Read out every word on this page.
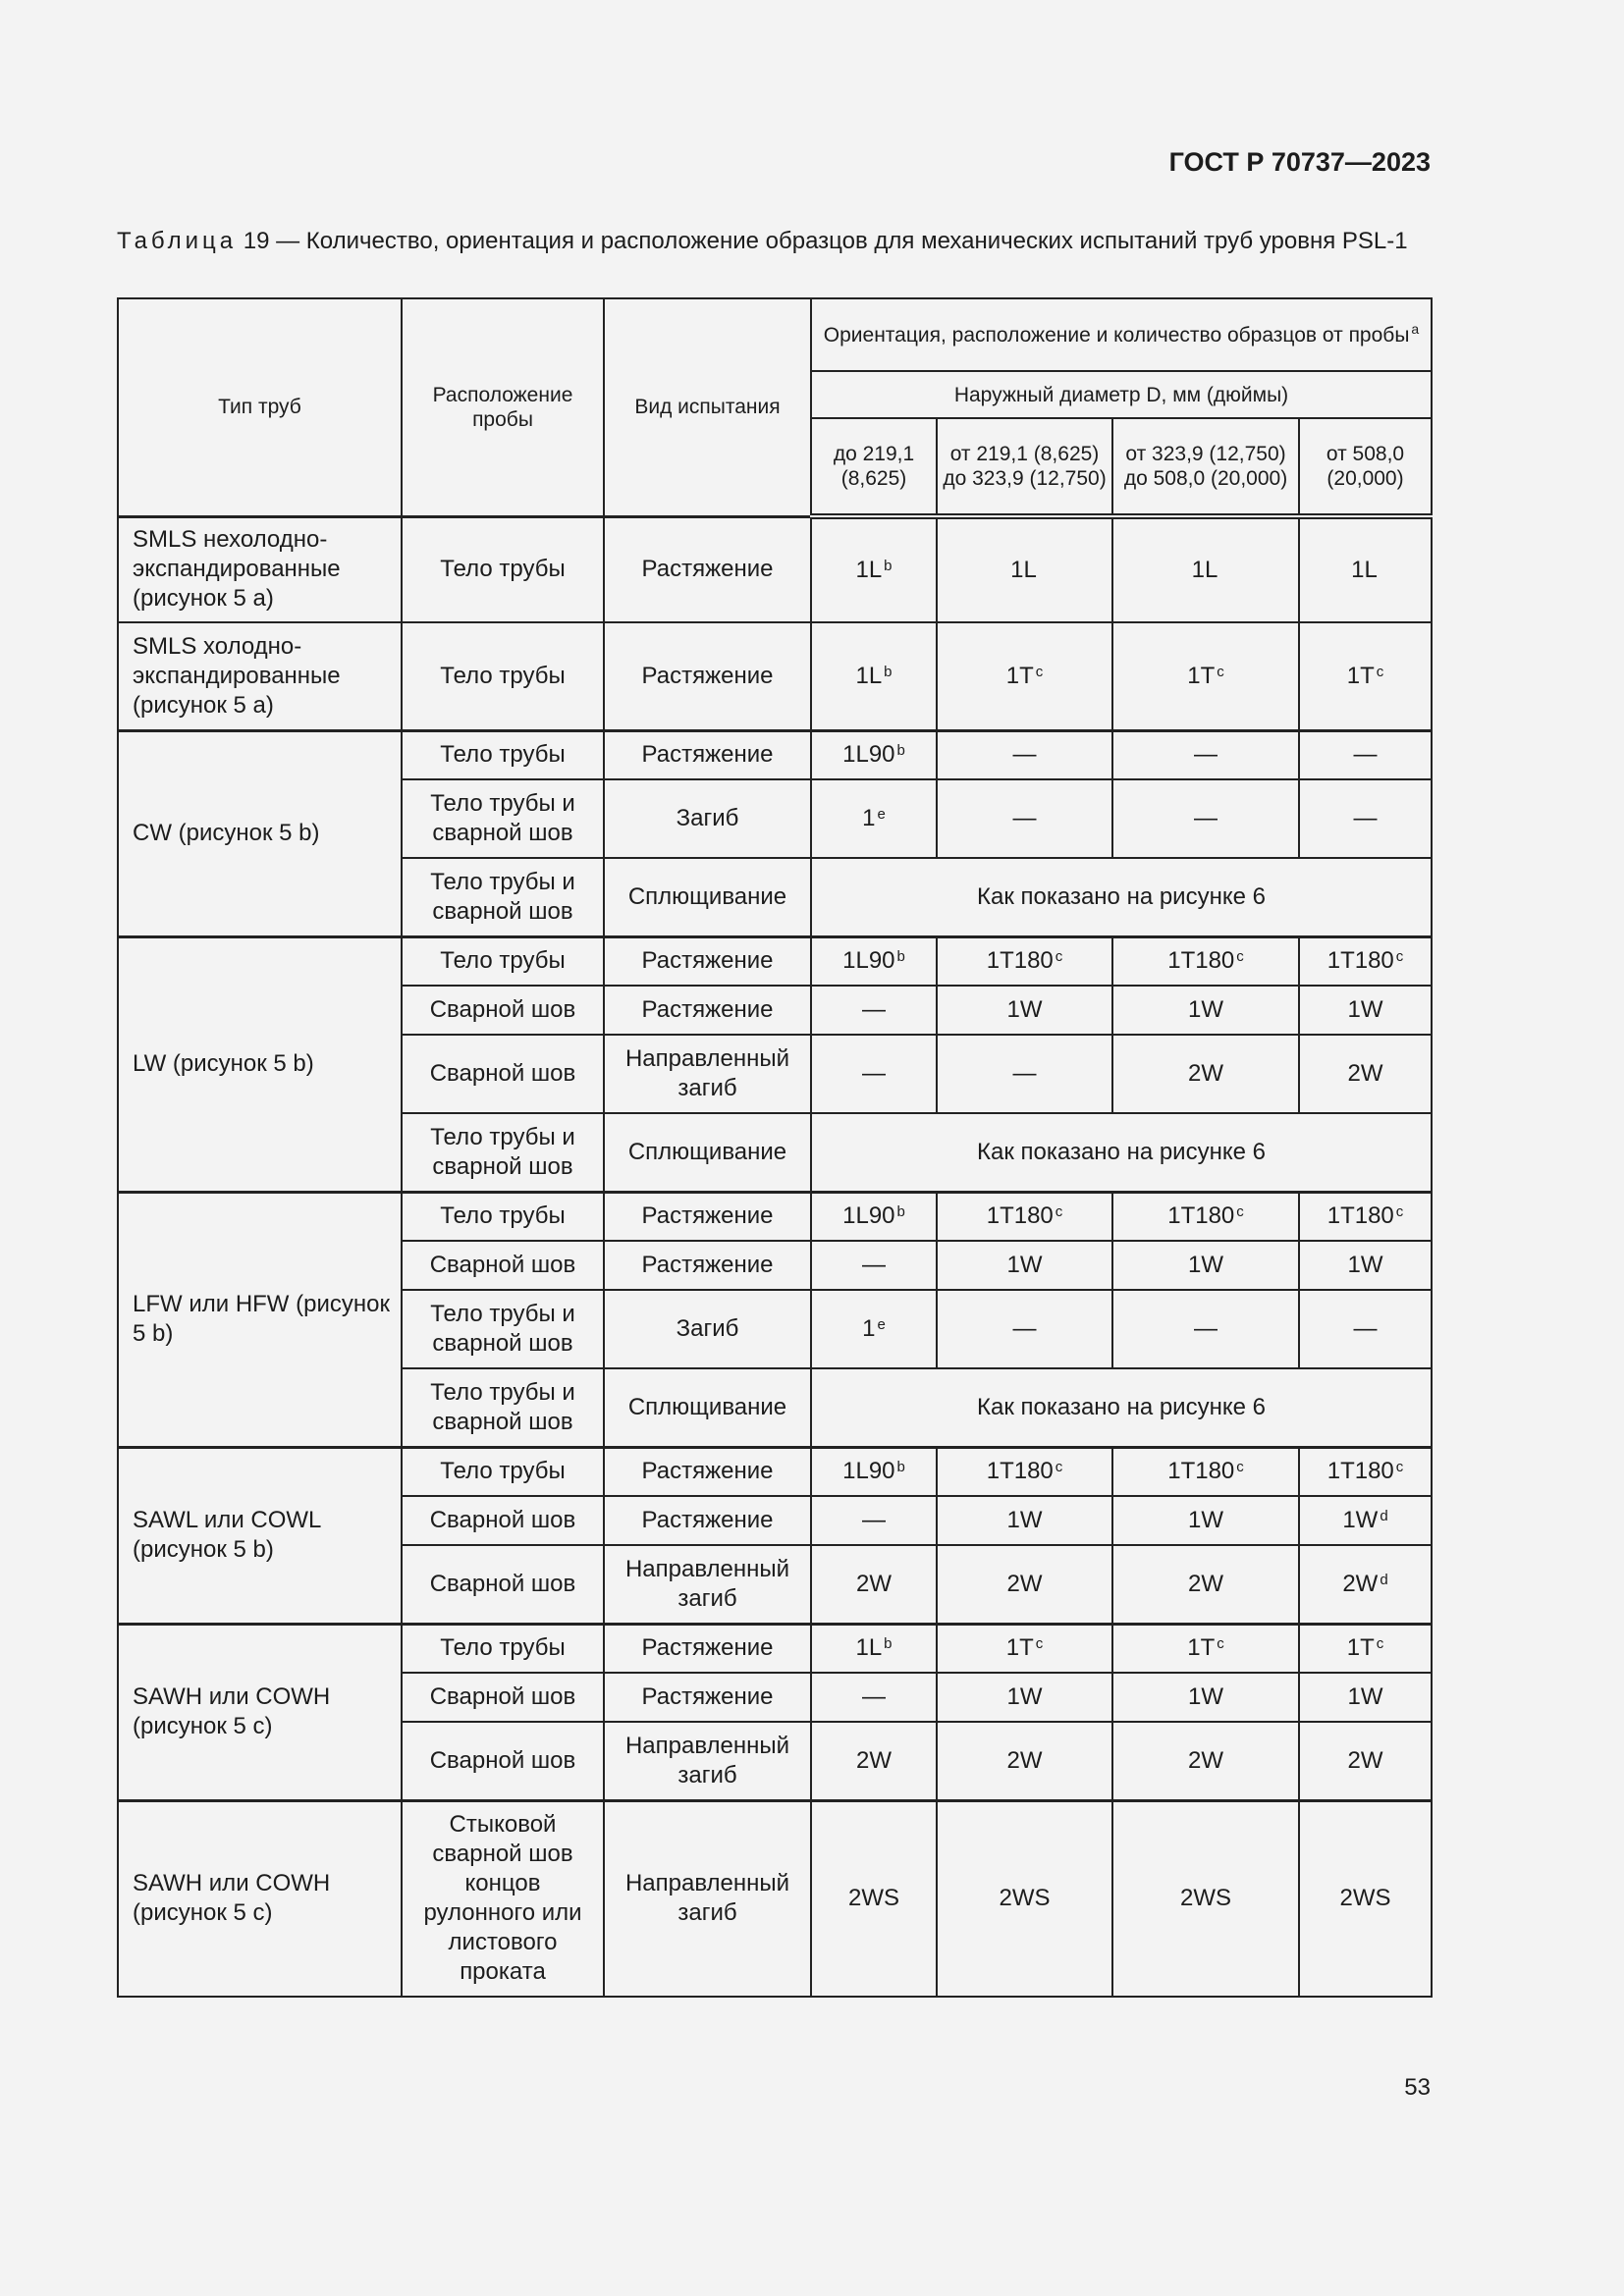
ГОСТ Р 70737—2023
Таблица 19 — Количество, ориентация и расположение образцов для механических испытаний труб уровня PSL-1
Тип труб	Расположение пробы	Вид испытания	Ориентация, расположение и количество образцов от пробы $^a$
			Наружный диаметр D, мм (дюймы)			
			до 219,1 (8,625)	от 219,1 (8,625) до 323,9 (12,750)	от 323,9 (12,750) до 508,0 (20,000)	от 508,0 (20,000)
SMLS нехолодно-экспандированные (рисунок 5 a)	Тело трубы	Растяжение	1L $^b$	1L	1L	1L
SMLS холодно-экспандированные (рисунок 5 a)	Тело трубы	Растяжение	1L $^b$	1T $^c$	1T $^c$	1T $^c$
CW (рисунок 5 b)	Тело трубы	Растяжение	1L90 $^b$	—	—	—
	Тело трубы и сварной шов	Загиб	1 $^e$	—	—	—
	Тело трубы и сварной шов	Сплющивание	Как показано на рисунке 6			
LW (рисунок 5 b)	Тело трубы	Растяжение	1L90 $^b$	1T180 $^c$	1T180 $^c$	1T180 $^c$
	Сварной шов	Растяжение	—	1W	1W	1W
	Сварной шов	Направленный загиб	—	—	2W	2W
	Тело трубы и сварной шов	Сплющивание	Как показано на рисунке 6			
LFW или HFW (рисунок 5 b)	Тело трубы	Растяжение	1L90 $^b$	1T180 $^c$	1T180 $^c$	1T180 $^c$
	Сварной шов	Растяжение	—	1W	1W	1W
	Тело трубы и сварной шов	Загиб	1 $^e$	—	—	—
	Тело трубы и сварной шов	Сплющивание	Как показано на рисунке 6			
SAWL или COWL (рисунок 5 b)	Тело трубы	Растяжение	1L90 $^b$	1T180 $^c$	1T180 $^c$	1T180 $^c$
	Сварной шов	Растяжение	—	1W	1W	1W $^d$
	Сварной шов	Направленный загиб	2W	2W	2W	2W $^d$
SAWH или COWH (рисунок 5 c)	Тело трубы	Растяжение	1L $^b$	1T $^c$	1T $^c$	1T $^c$
	Сварной шов	Растяжение	—	1W	1W	1W
	Сварной шов	Направленный загиб	2W	2W	2W	2W
SAWH или COWH (рисунок 5 c)	Стыковой сварной шов концов рулонного или листового проката	Направленный загиб	2WS	2WS	2WS	2WS
53
